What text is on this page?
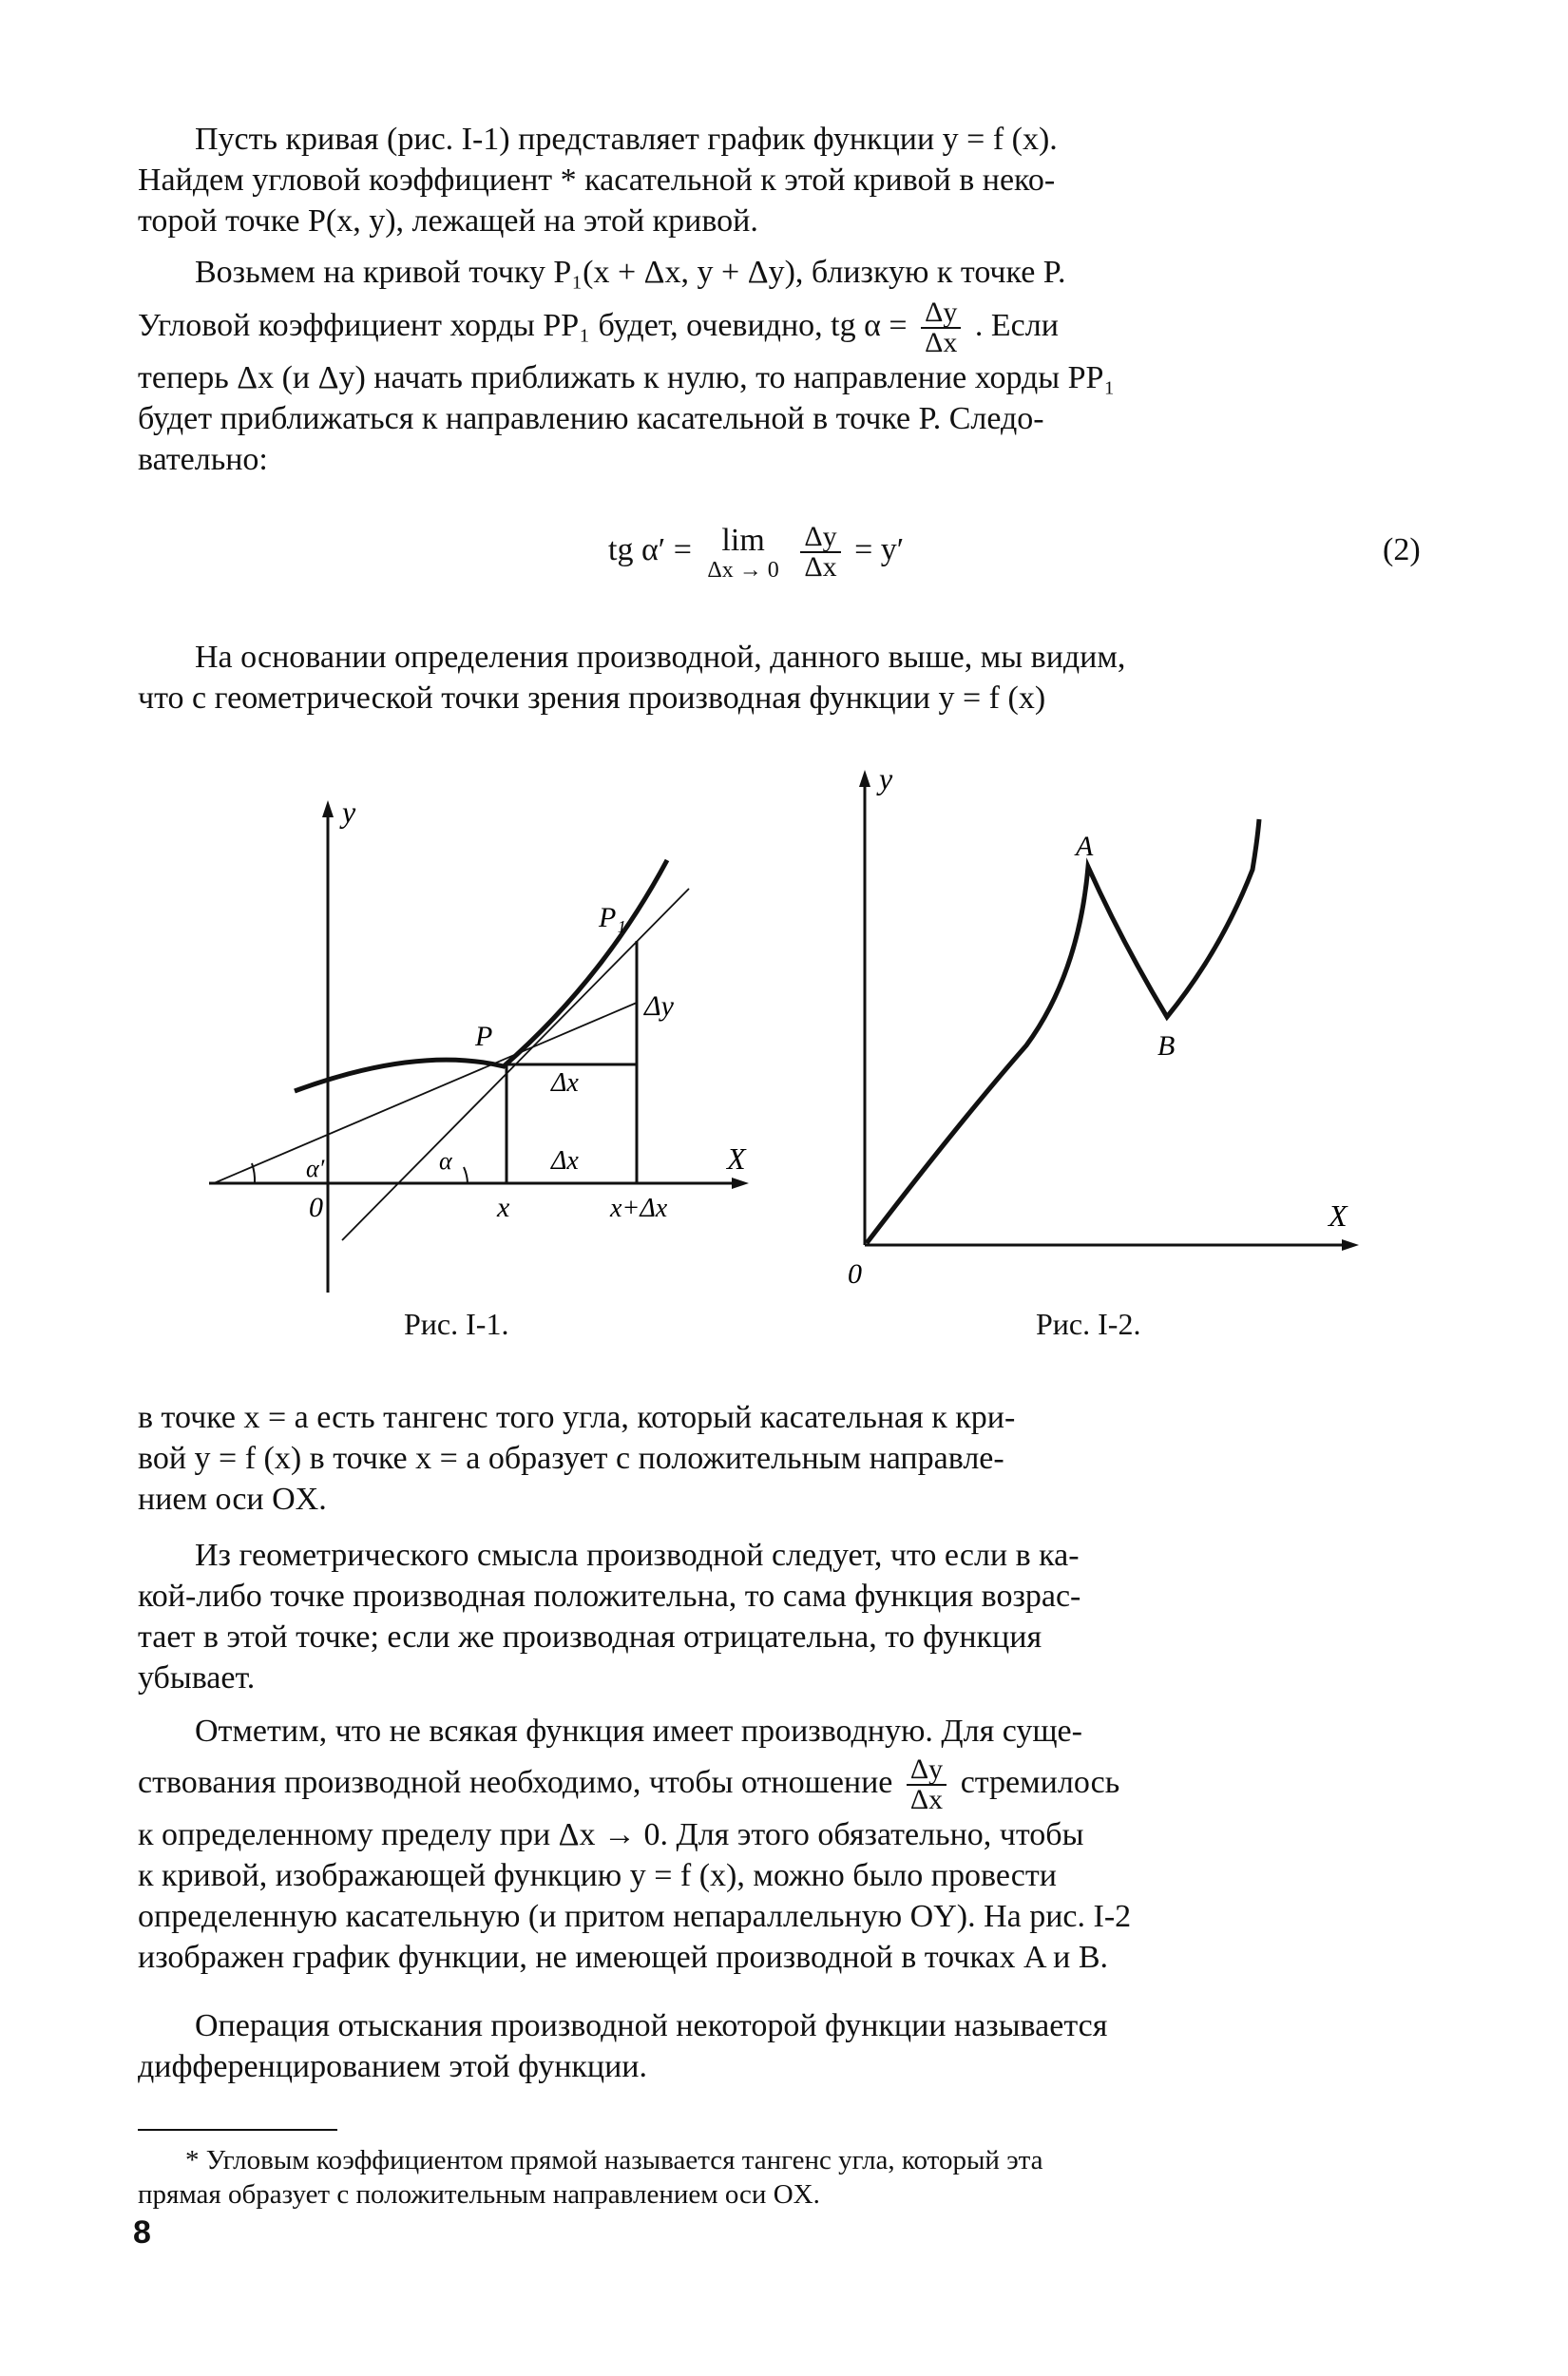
Пусть кривая (рис. I-1) представляет график функции y = f (x).
Найдем угловой коэффициент * касательной к этой кривой в неко-
торой точке P(x, y), лежащей на этой кривой.
Возьмем на кривой точку P₁(x + Δx, y + Δy), близкую к точке P.
Угловой коэффициент хорды PP₁ будет, очевидно, tg $\alpha = \frac{\Delta y}{\Delta x}$ . Если
теперь Δx (и Δy) начать приближать к нулю, то направление хорды PP₁
будет приближаться к направлению касательной в точке P. Следо-
вательно:
tg α′ = lim
Δx → 0
$\frac{\Delta y}{\Delta x} = y'$	(2)
На основании определения производной, данного выше, мы видим,
что с геометрической точки зрения производная функции y = f (x)
y
X
0
P
P₁
Δy
Δx
Δx
x	x+Δx
α′	α
Рис. I-1.
y
X
0
A
B
Рис. I-2.
в точке x = a есть тангенс того угла, который касательная к кри-
вой y = f (x) в точке x = a образует с положительным направле-
нием оси OX.
Из геометрического смысла производной следует, что если в ка-
кой-либо точке производная положительна, то сама функция возрас-
тает в этой точке; если же производная отрицательна, то функция
убывает.
Отметим, что не всякая функция имеет производную. Для суще-
ствования производной необходимо, чтобы отношение $\frac{\Delta y}{\Delta x}$ стремилось
к определенному пределу при Δx → 0. Для этого обязательно, чтобы
к кривой, изображающей функцию y = f (x), можно было провести
определенную касательную (и притом непараллельную OY). На рис. I-2
изображен график функции, не имеющей производной в точках A и B.
Операция отыскания производной некоторой функции называется
дифференцированием этой функции.
* Угловым коэффициентом прямой называется тангенс угла, который эта
прямая образует с положительным направлением оси OX.
8
